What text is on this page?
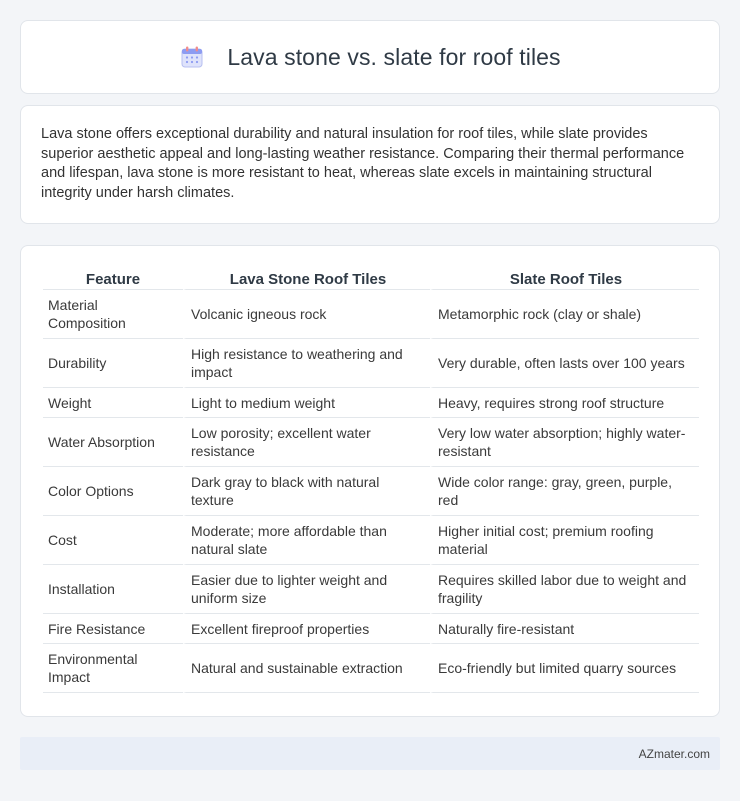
Lava stone vs. slate for roof tiles

Lava stone offers exceptional durability and natural insulation for roof tiles, while slate provides superior aesthetic appeal and long-lasting weather resistance. Comparing their thermal performance and lifespan, lava stone is more resistant to heat, whereas slate excels in maintaining structural integrity under harsh climates.

Feature	Lava Stone Roof Tiles	Slate Roof Tiles
Material Composition	Volcanic igneous rock	Metamorphic rock (clay or shale)
Durability	High resistance to weathering and impact	Very durable, often lasts over 100 years
Weight	Light to medium weight	Heavy, requires strong roof structure
Water Absorption	Low porosity; excellent water resistance	Very low water absorption; highly water-resistant
Color Options	Dark gray to black with natural texture	Wide color range: gray, green, purple, red
Cost	Moderate; more affordable than natural slate	Higher initial cost; premium roofing material
Installation	Easier due to lighter weight and uniform size	Requires skilled labor due to weight and fragility
Fire Resistance	Excellent fireproof properties	Naturally fire-resistant
Environmental Impact	Natural and sustainable extraction	Eco-friendly but limited quarry sources
AZmater.com
